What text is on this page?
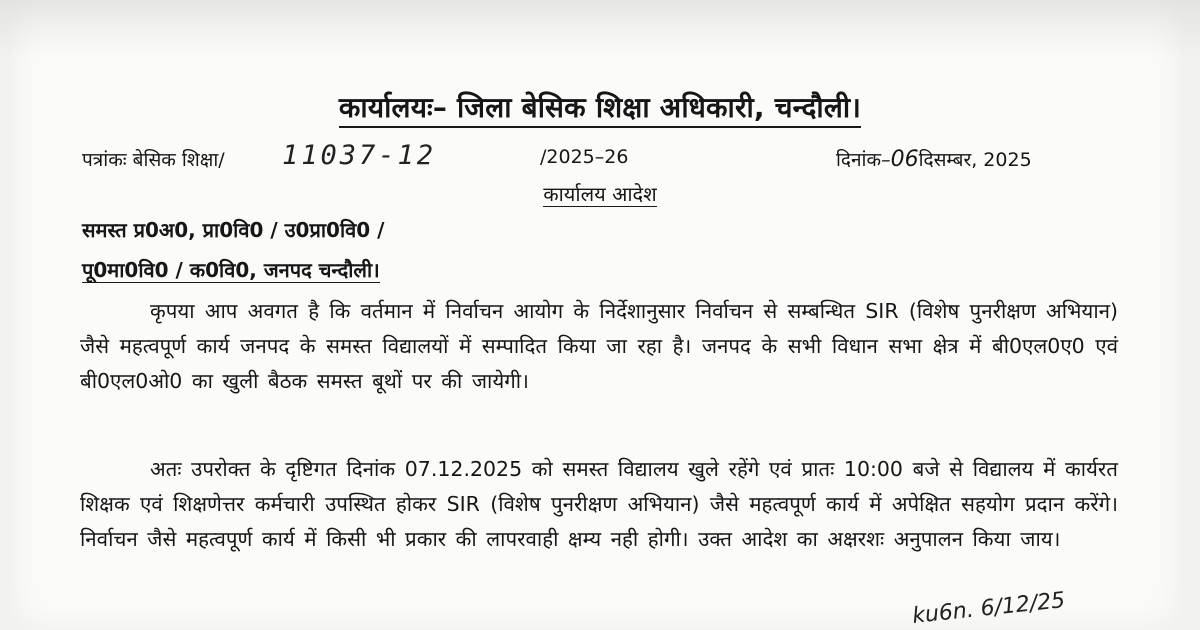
कार्यालयः– जिला बेसिक शिक्षा अधिकारी, चन्दौली।
पत्रांकः बेसिक शिक्षा/ 11037-12	/2025–26	दिनांक–06दिसम्बर, 2025
कार्यालय आदेश
समस्त प्र0अ0, प्रा0वि0 / उ0प्रा0वि0 /
पू0मा0वि0 / क0वि0, जनपद चन्दौली।
कृपया आप अवगत है कि वर्तमान में निर्वाचन आयोग के निर्देशानुसार निर्वाचन से सम्बन्धित SIR (विशेष पुनरीक्षण अभियान) जैसे महत्वपूर्ण कार्य जनपद के समस्त विद्यालयों में सम्पादित किया जा रहा है। जनपद के सभी विधान सभा क्षेत्र में बी0एल0ए0 एवं बी0एल0ओ0 का खुली बैठक समस्त बूथों पर की जायेगी।
अतः उपरोक्त के दृष्टिगत दिनांक 07.12.2025 को समस्त विद्यालय खुले रहेंगे एवं प्रातः 10:00 बजे से विद्यालय में कार्यरत शिक्षक एवं शिक्षणेत्तर कर्मचारी उपस्थित होकर SIR (विशेष पुनरीक्षण अभियान) जैसे महत्वपूर्ण कार्य में अपेक्षित सहयोग प्रदान करेंगे। निर्वाचन जैसे महत्वपूर्ण कार्य में किसी भी प्रकार की लापरवाही क्षम्य नही होगी। उक्त आदेश का अक्षरशः अनुपालन किया जाय।
ku6n. 6/12/25
